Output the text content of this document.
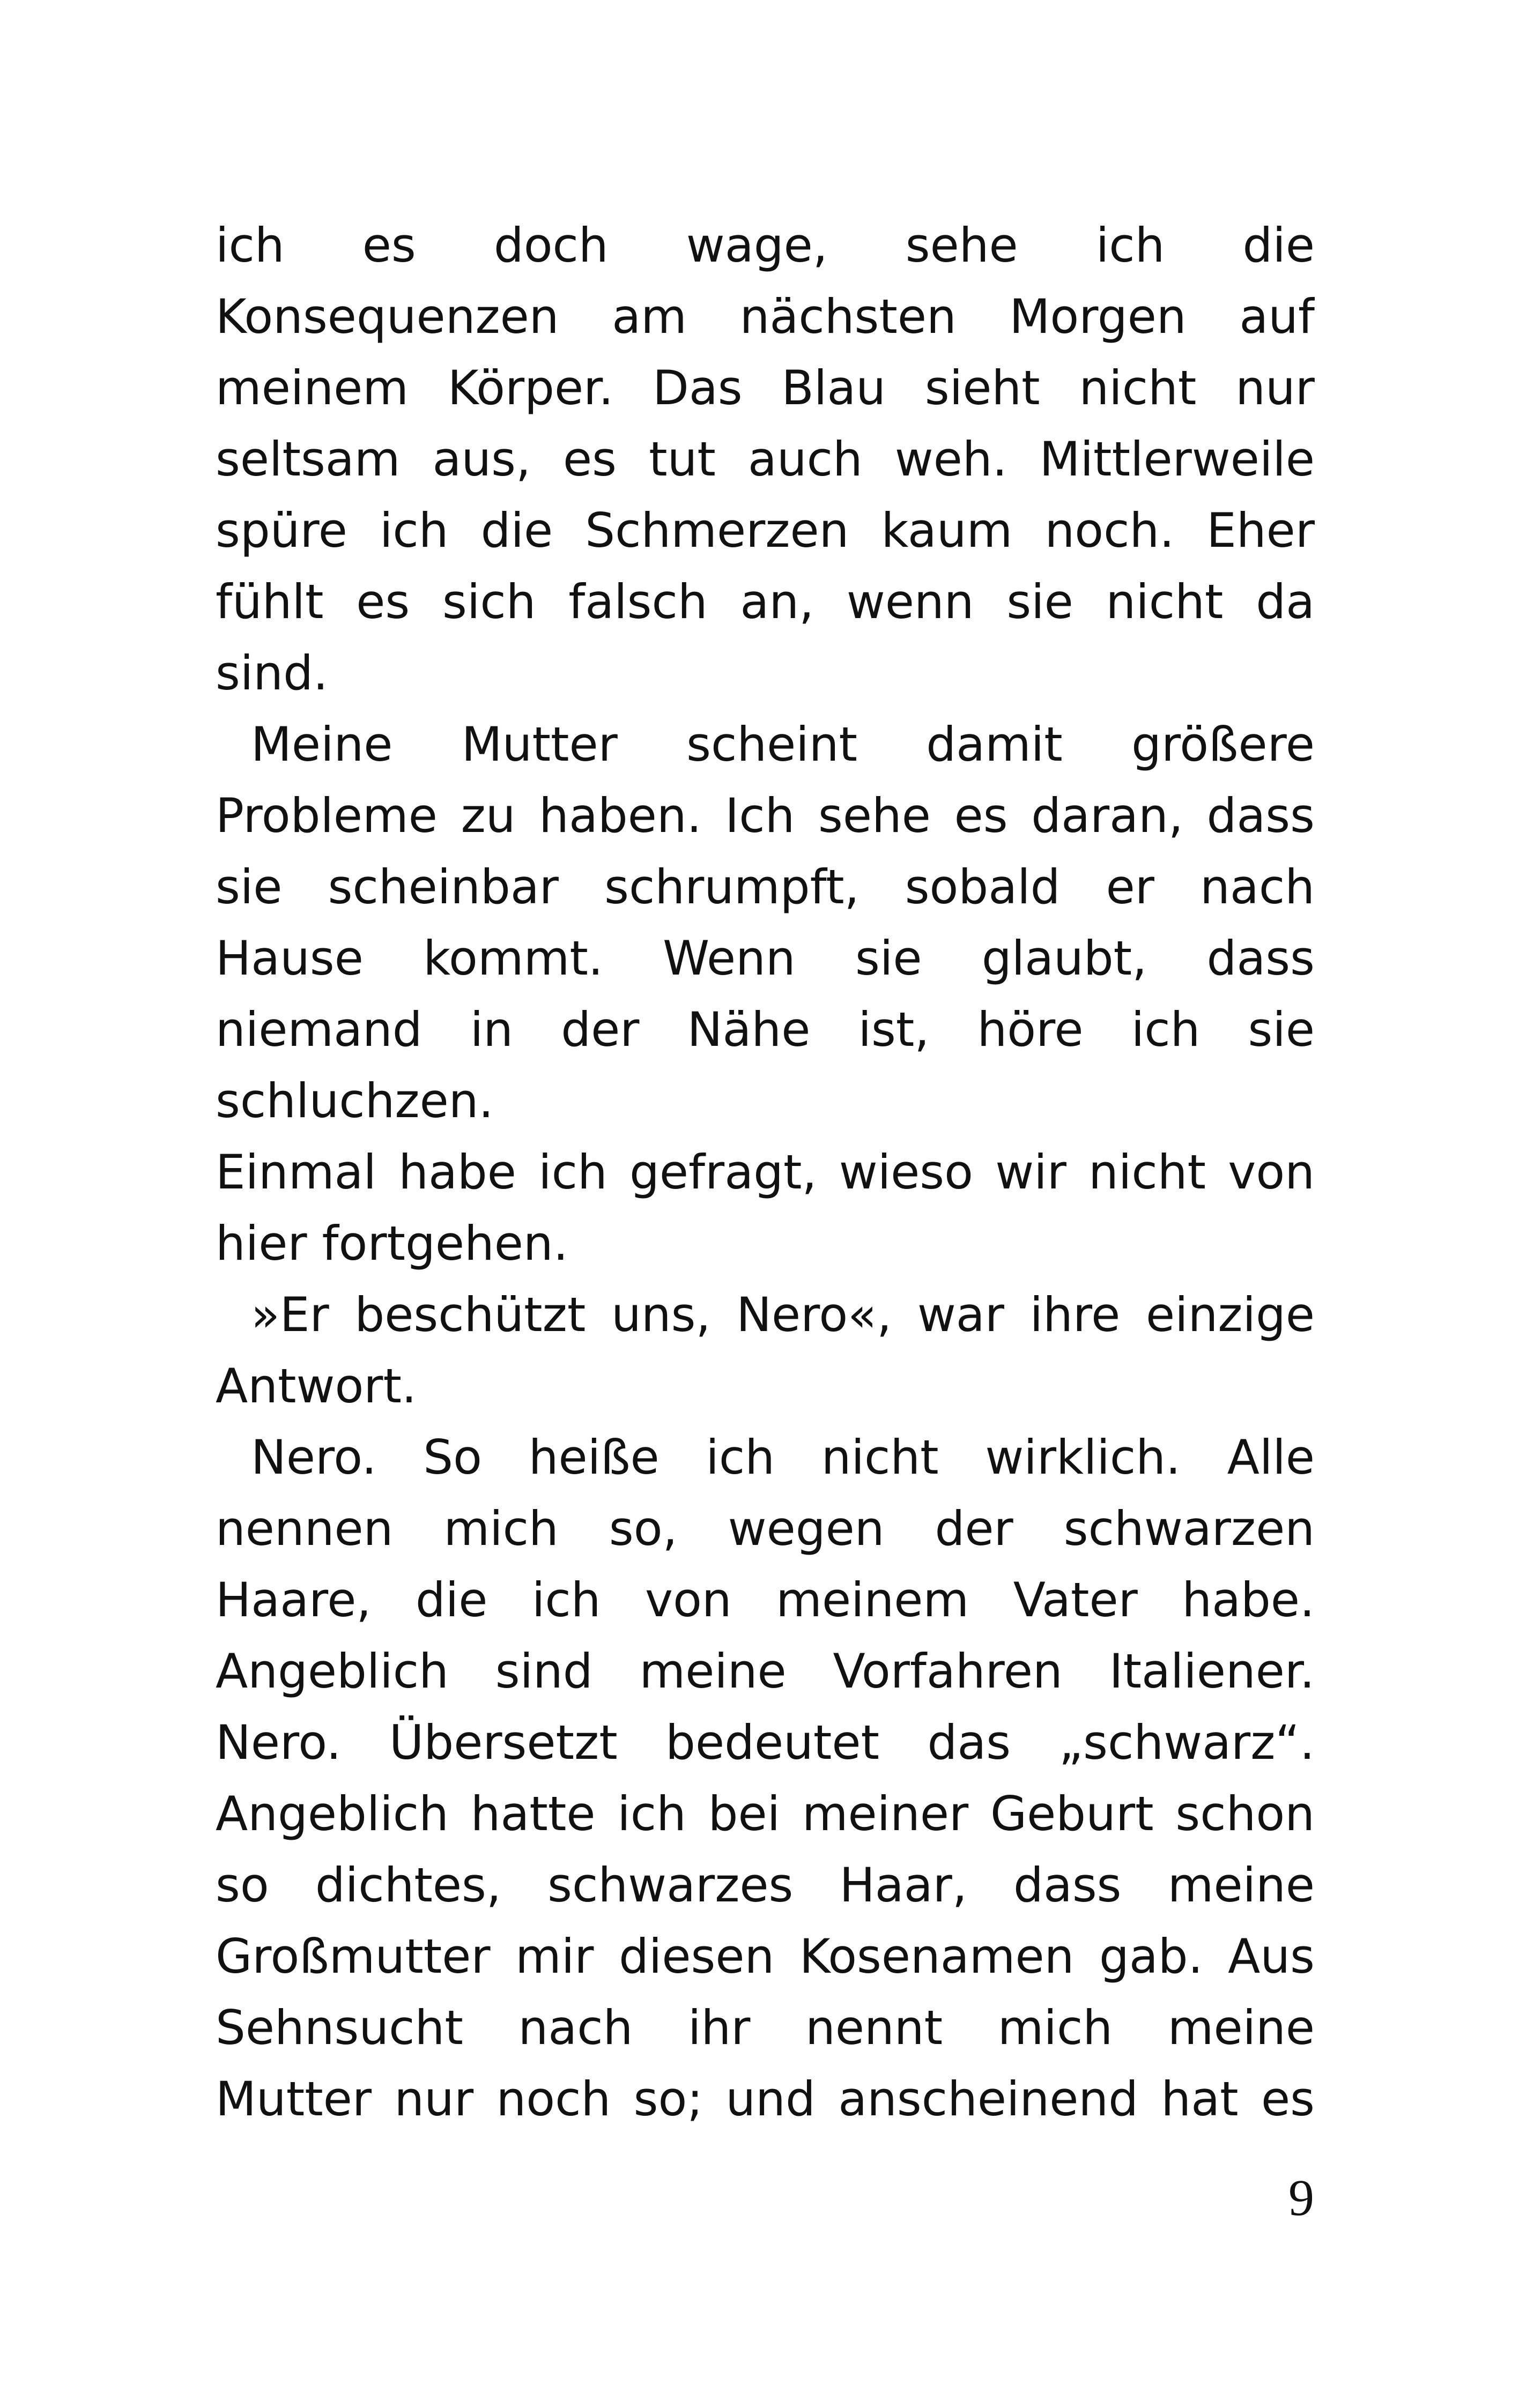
ich es doch wage, sehe ich die
Konsequenzen am nächsten Morgen auf
meinem Körper. Das Blau sieht nicht nur
seltsam aus, es tut auch weh. Mittlerweile
spüre ich die Schmerzen kaum noch. Eher
fühlt es sich falsch an, wenn sie nicht da
sind.
Meine Mutter scheint damit größere
Probleme zu haben. Ich sehe es daran, dass
sie scheinbar schrumpft, sobald er nach
Hause kommt. Wenn sie glaubt, dass
niemand in der Nähe ist, höre ich sie
schluchzen.
Einmal habe ich gefragt, wieso wir nicht von
hier fortgehen.
»Er beschützt uns, Nero«, war ihre einzige
Antwort.
Nero. So heiße ich nicht wirklich. Alle
nennen mich so, wegen der schwarzen
Haare, die ich von meinem Vater habe.
Angeblich sind meine Vorfahren Italiener.
Nero. Übersetzt bedeutet das „schwarz“.
Angeblich hatte ich bei meiner Geburt schon
so dichtes, schwarzes Haar, dass meine
Großmutter mir diesen Kosenamen gab. Aus
Sehnsucht nach ihr nennt mich meine
Mutter nur noch so; und anscheinend hat es
9
